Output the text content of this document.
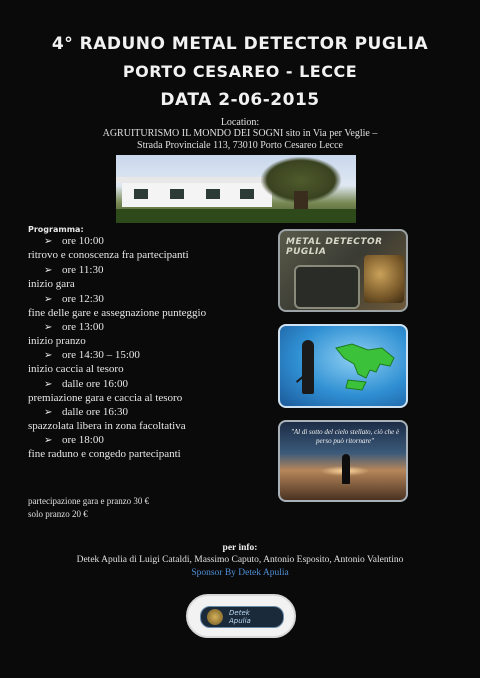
4° RADUNO METAL DETECTOR PUGLIA
PORTO CESAREO - LECCE
DATA 2-06-2015
Location:
AGRUITURISMO IL MONDO DEI SOGNI sito in Via per Veglie –
Strada Provinciale 113, 73010 Porto Cesareo Lecce
Programma:
➢ ore 10:00
ritrovo e conoscenza fra partecipanti
➢ ore 11:30
inizio gara
➢ ore 12:30
fine delle gare e assegnazione punteggio
➢ ore 13:00
inizio pranzo
➢ ore 14:30 – 15:00
inizio caccia al tesoro
➢ dalle ore 16:00
premiazione gara e caccia al tesoro
➢ dalle ore 16:30
spazzolata libera in zona facoltativa
➢ ore 18:00
fine raduno e congedo partecipanti
METAL DETECTOR PUGLIA
"Al di sotto del cielo stellato, ciò che è perso può ritornare"
partecipazione gara e pranzo 30 €
solo pranzo 20 €
per info:
Detek Apulia di Luigi Cataldi, Massimo Caputo, Antonio Esposito, Antonio Valentino
Sponsor By Detek Apulia
Detek
Apulia
